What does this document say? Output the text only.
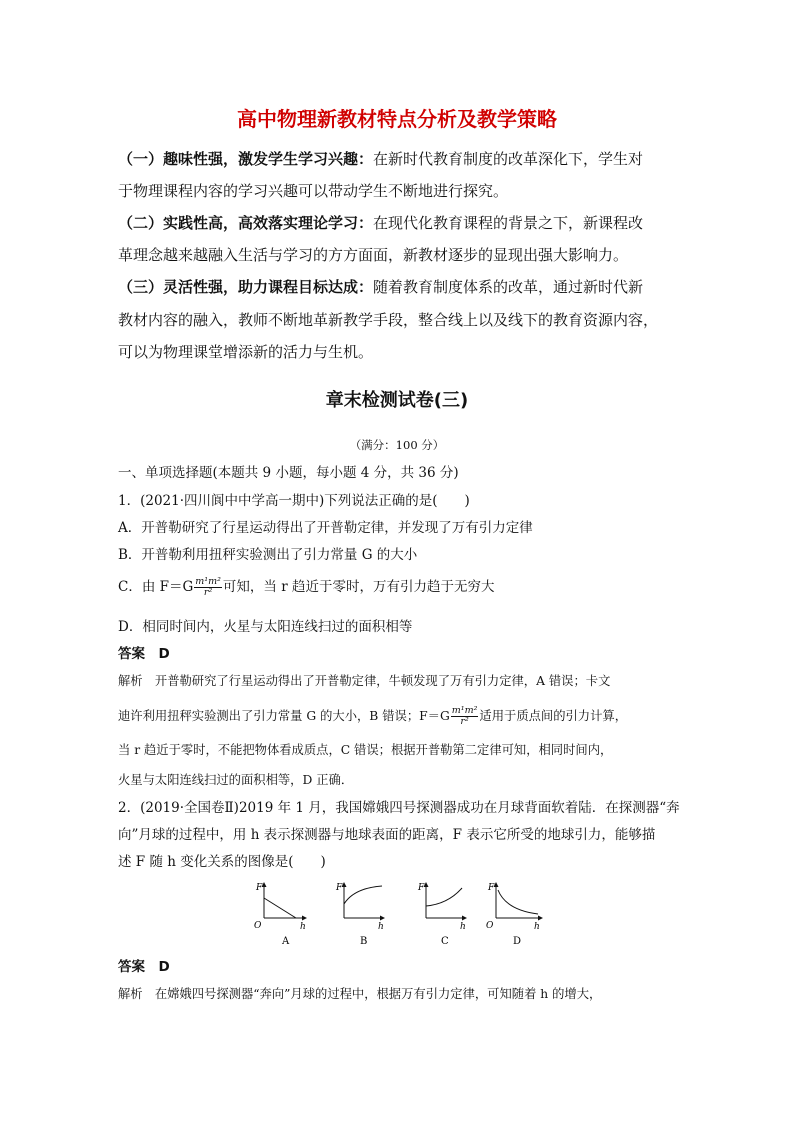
高中物理新教材特点分析及教学策略
（一）趣味性强，激发学生学习兴趣：在新时代教育制度的改革深化下，学生对
于物理课程内容的学习兴趣可以带动学生不断地进行探究。
（二）实践性高，高效落实理论学习：在现代化教育课程的背景之下，新课程改
革理念越来越融入生活与学习的方方面面，新教材逐步的显现出强大影响力。
（三）灵活性强，助力课程目标达成：随着教育制度体系的改革，通过新时代新
教材内容的融入，教师不断地革新教学手段，整合线上以及线下的教育资源内容，
可以为物理课堂增添新的活力与生机。
章末检测试卷(三)
（满分：100 分）
一、单项选择题(本题共 9 小题，每小题 4 分，共 36 分)
1．(2021·四川阆中中学高一期中)下列说法正确的是(　　)
A．开普勒研究了行星运动得出了开普勒定律，并发现了万有引力定律
B．开普勒利用扭秤实验测出了引力常量 G 的大小
C．由 $F=G \frac{\text{m¹m²}}{\text{r²}}$ 可知，当 r 趋近于零时，万有引力趋于无穷大
D．相同时间内，火星与太阳连线扫过的面积相等
答案　D
解析　开普勒研究了行星运动得出了开普勒定律，牛顿发现了万有引力定律，A 错误；卡文
迪许利用扭秤实验测出了引力常量 G 的大小，B 错误；$F=G \frac{\text{m¹m²}}{\text{r²}}$ 适用于质点间的引力计算，
当 r 趋近于零时，不能把物体看成质点，C 错误；根据开普勒第二定律可知，相同时间内，
火星与太阳连线扫过的面积相等，D 正确．
2．(2019·全国卷Ⅱ)2019 年 1 月，我国嫦娥四号探测器成功在月球背面软着陆．在探测器“奔
向”月球的过程中，用 h 表示探测器与地球表面的距离，F 表示它所受的地球引力，能够描
述 F 随 h 变化关系的图像是(　　)
F
O	h
A
F
h
B
F
h
C
F
O	h
D
答案　D
解析　在嫦娥四号探测器“奔向”月球的过程中，根据万有引力定律，可知随着 h 的增大，
